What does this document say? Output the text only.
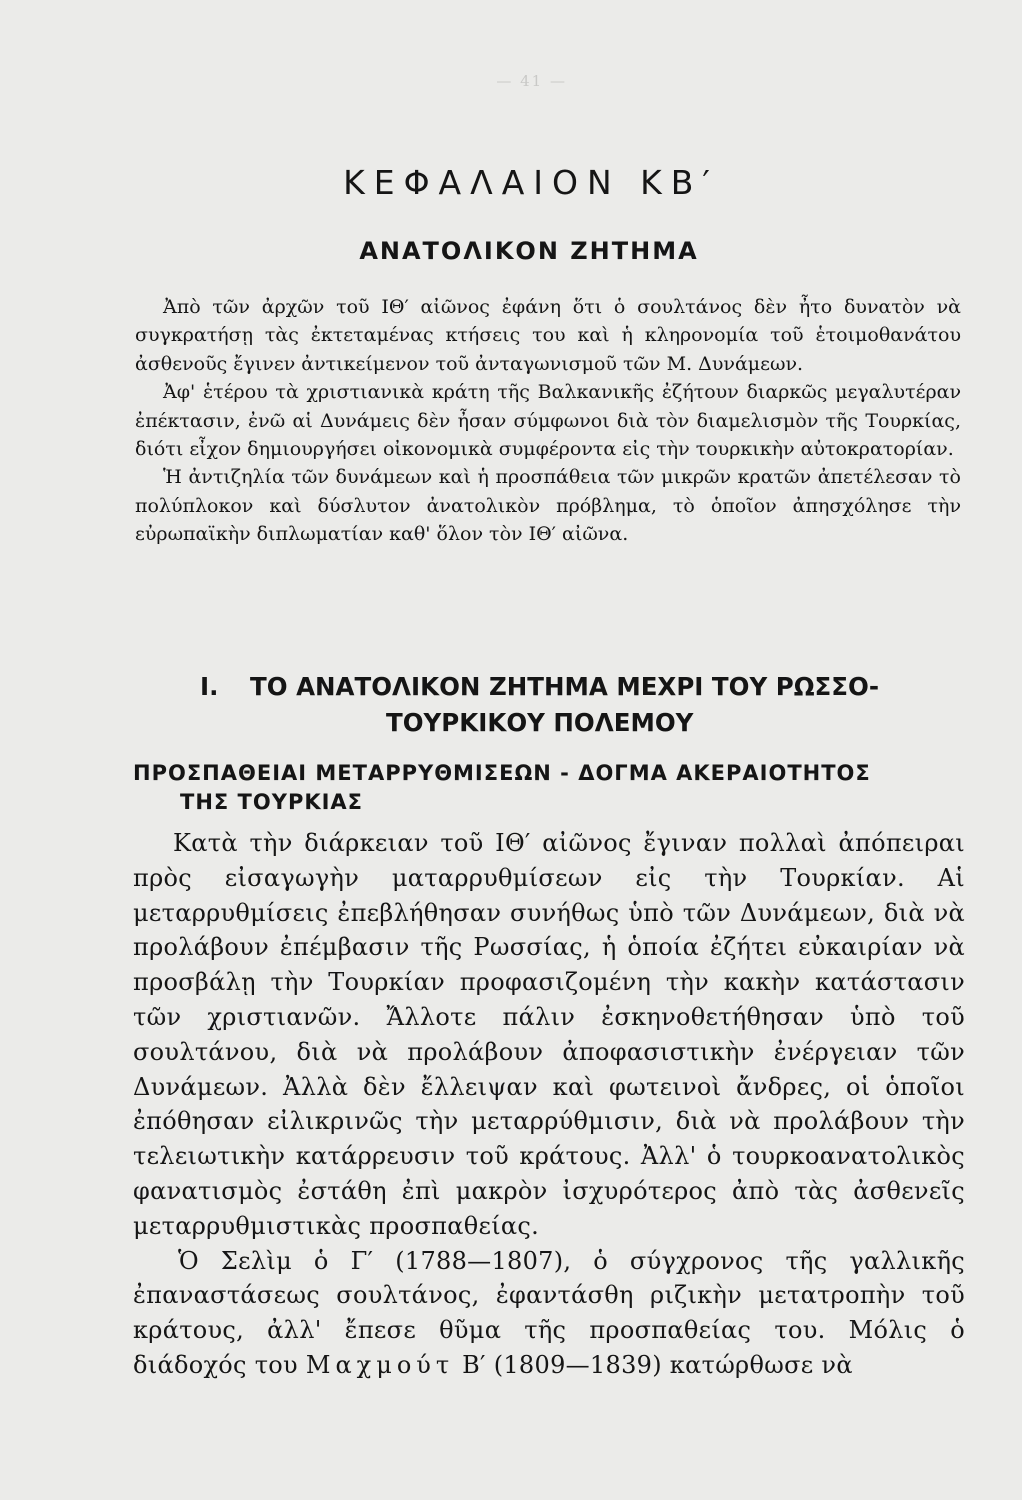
— 41 —
ΚΕΦΑΛΑΙΟΝ ΚΒ′
ΑΝΑΤΟΛΙΚΟΝ ΖΗΤΗΜΑ

Ἀπὸ τῶν ἀρχῶν τοῦ ΙΘ′ αἰῶνος ἐφάνη ὅτι ὁ σουλτάνος δὲν ἦτο δυνατὸν νὰ συγκρατήσῃ τὰς ἐκτεταμένας κτήσεις του καὶ ἡ κληρονομία τοῦ ἑτοιμοθανάτου ἀσθενοῦς ἔγινεν ἀντικείμενον τοῦ ἀνταγωνισμοῦ τῶν Μ. Δυνάμεων.

Ἀφ' ἑτέρου τὰ χριστιανικὰ κράτη τῆς Βαλκανικῆς ἐζήτουν διαρκῶς μεγαλυτέραν ἐπέκτασιν, ἐνῶ αἱ Δυνάμεις δὲν ἦσαν σύμφωνοι διὰ τὸν διαμελισμὸν τῆς Τουρκίας, διότι εἶχον δημιουργήσει οἰκονομικὰ συμφέροντα εἰς τὴν τουρκικὴν αὐτοκρατορίαν.

Ἡ ἀντιζηλία τῶν δυνάμεων καὶ ἡ προσπάθεια τῶν μικρῶν κρατῶν ἀπετέλεσαν τὸ πολύπλοκον καὶ δύσλυτον ἀνατολικὸν πρόβλημα, τὸ ὁποῖον ἀπησχόλησε τὴν εὐρωπαϊκὴν διπλωματίαν καθ' ὅλον τὸν ΙΘ′ αἰῶνα.

I. ΤΟ ΑΝΑΤΟΛΙΚΟΝ ΖΗΤΗΜΑ ΜΕΧΡΙ ΤΟΥ ΡΩΣΣΟ-
ΤΟΥΡΚΙΚΟΥ ΠΟΛΕΜΟΥ
ΠΡΟΣΠΑΘΕΙΑΙ ΜΕΤΑΡΡΥΘΜΙΣΕΩΝ - ΔΟΓΜΑ ΑΚΕΡΑΙΟΤΗΤΟΣ
ΤΗΣ ΤΟΥΡΚΙΑΣ

Κατὰ τὴν διάρκειαν τοῦ ΙΘ′ αἰῶνος ἔγιναν πολλαὶ ἀπόπειραι πρὸς εἰσαγωγὴν ματαρρυθμίσεων εἰς τὴν Τουρκίαν. Αἱ μεταρρυθμίσεις ἐπεβλήθησαν συνήθως ὑπὸ τῶν Δυνάμεων, διὰ νὰ προλάβουν ἐπέμβασιν τῆς Ρωσσίας, ἡ ὁποία ἐζήτει εὐκαιρίαν νὰ προσβάλῃ τὴν Τουρκίαν προφασιζομένη τὴν κακὴν κατάστασιν τῶν χριστιανῶν. Ἄλλοτε πάλιν ἐσκηνοθετήθησαν ὑπὸ τοῦ σουλτάνου, διὰ νὰ προλάβουν ἀποφασιστικὴν ἐνέργειαν τῶν Δυνάμεων. Ἀλλὰ δὲν ἔλλειψαν καὶ φωτεινοὶ ἄνδρες, οἱ ὁποῖοι ἐπόθησαν εἰλικρινῶς τὴν μεταρρύθμισιν, διὰ νὰ προλάβουν τὴν τελειωτικὴν κατάρρευσιν τοῦ κράτους. Ἀλλ' ὁ τουρκοανατολικὸς φανατισμὸς ἐστάθη ἐπὶ μακρὸν ἰσχυρότερος ἀπὸ τὰς ἀσθενεῖς μεταρρυθμιστικὰς προσπαθείας.

Ὁ Σελὶμ ὁ Γ′ (1788—1807), ὁ σύγχρονος τῆς γαλλικῆς ἐπαναστάσεως σουλτάνος, ἐφαντάσθη ριζικὴν μετατροπὴν τοῦ κράτους, ἀλλ' ἔπεσε θῦμα τῆς προσπαθείας του. Μόλις ὁ διάδοχός του Μαχμούτ Β′ (1809—1839) κατώρθωσε νὰ
